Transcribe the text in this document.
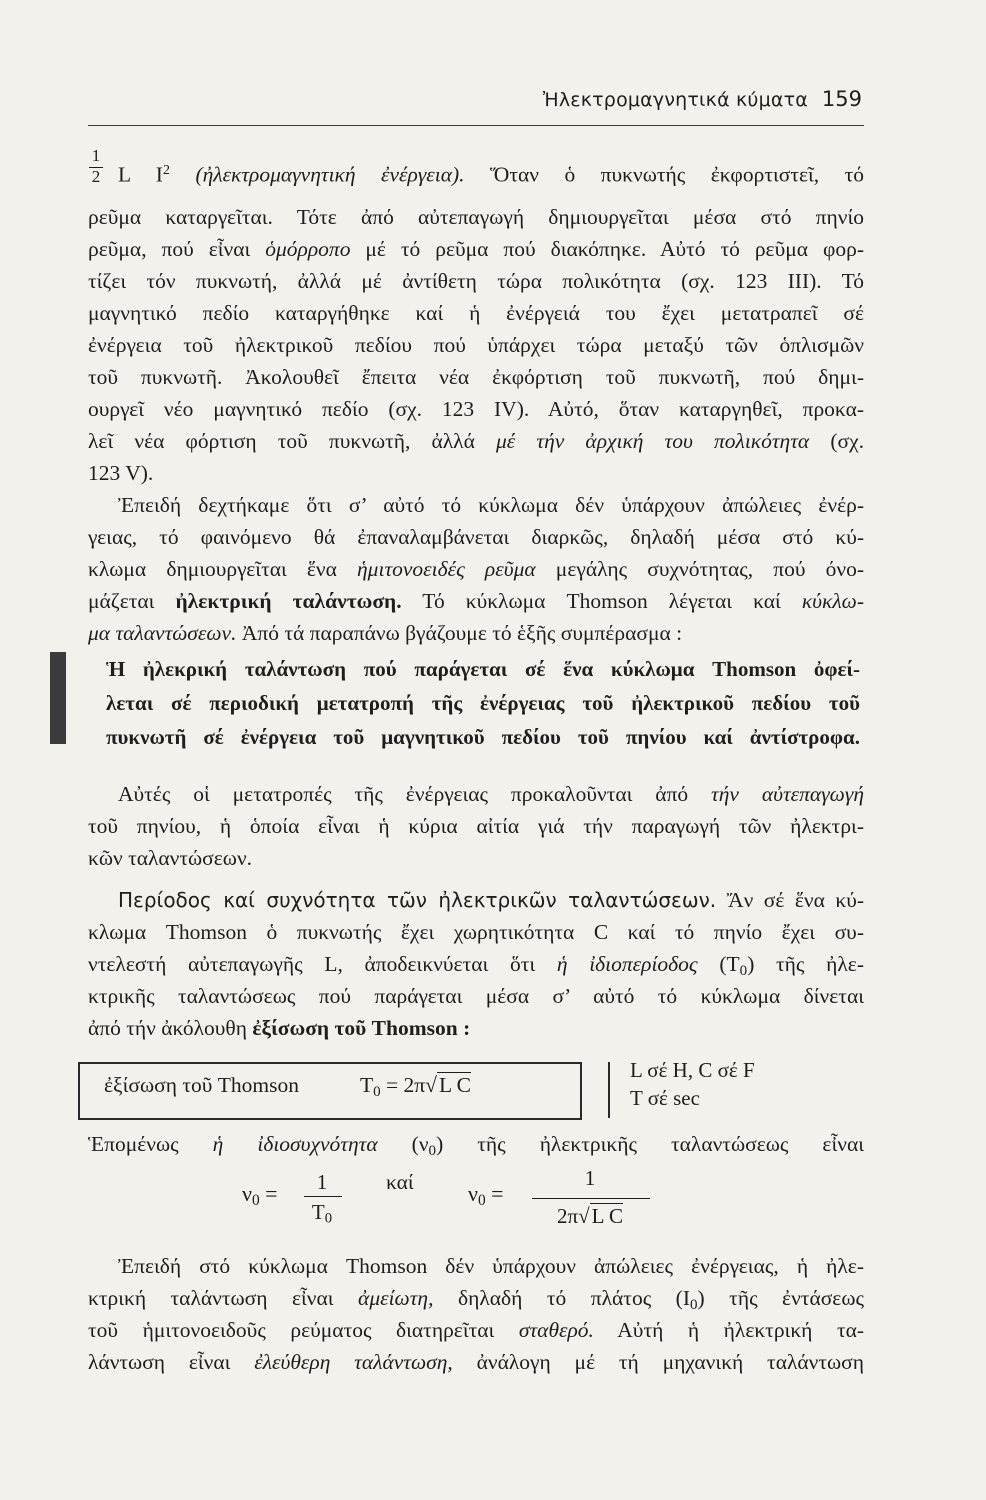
Ἠλεκτρομαγνητικά κύματα 159
1
2 L $I^2$ (ἠλεκτρομαγνητική ἐνέργεια). Ὅταν ὁ πυκνωτής ἐκφορτιστεῖ, τό
ρεῦμα καταργεῖται. Τότε ἀπό αὐτεπαγωγή δημιουργεῖται μέσα στό πηνίο
ρεῦμα, πού εἶναι ὁμόρροπο μέ τό ρεῦμα πού διακόπηκε. Αὐτό τό ρεῦμα φορ-
τίζει τόν πυκνωτή, ἀλλά μέ ἀντίθετη τώρα πολικότητα (σχ. 123 III). Τό
μαγνητικό πεδίο καταργήθηκε καί ἡ ἐνέργειά του ἔχει μετατραπεῖ σέ
ἐνέργεια τοῦ ἠλεκτρικοῦ πεδίου πού ὑπάρχει τώρα μεταξύ τῶν ὁπλισμῶν
τοῦ πυκνωτῆ. Ἀκολουθεῖ ἔπειτα νέα ἐκφόρτιση τοῦ πυκνωτῆ, πού δημι-
ουργεῖ νέο μαγνητικό πεδίο (σχ. 123 IV). Αὐτό, ὅταν καταργηθεῖ, προκα-
λεῖ νέα φόρτιση τοῦ πυκνωτῆ, ἀλλά μέ τήν ἀρχική του πολικότητα (σχ.
123 V).
Ἐπειδή δεχτήκαμε ὅτι σ’ αὐτό τό κύκλωμα δέν ὑπάρχουν ἀπώλειες ἐνέρ-
γειας, τό φαινόμενο θά ἐπαναλαμβάνεται διαρκῶς, δηλαδή μέσα στό κύ-
κλωμα δημιουργεῖται ἕνα ἡμιτονοειδές ρεῦμα μεγάλης συχνότητας, πού όνο-
μάζεται ἠλεκτρική ταλάντωση. Τό κύκλωμα Thomson λέγεται καί κύκλω-
μα ταλαντώσεων. Ἀπό τά παραπάνω βγάζουμε τό ἑξῆς συμπέρασμα :
Ἡ ἠλεκρική ταλάντωση πού παράγεται σέ ἕνα κύκλωμα Thomson ὀφεί-
λεται σέ περιοδική μετατροπή τῆς ἐνέργειας τοῦ ἠλεκτρικοῦ πεδίου τοῦ
πυκνωτῆ σέ ἐνέργεια τοῦ μαγνητικοῦ πεδίου τοῦ πηνίου καί ἀντίστροφα.
Αὐτές οἱ μετατροπές τῆς ἐνέργειας προκαλοῦνται ἀπό τήν αὐτεπαγωγή
τοῦ πηνίου, ἡ ὁποία εἶναι ἡ κύρια αἰτία γιά τήν παραγωγή τῶν ἠλεκτρι-
κῶν ταλαντώσεων.
Περίοδος καί συχνότητα τῶν ἠλεκτρικῶν ταλαντώσεων. Ἄν σέ ἕνα κύ-
κλωμα Thomson ὁ πυκνωτής ἔχει χωρητικότητα C καί τό πηνίο ἔχει συ-
ντελεστή αὐτεπαγωγῆς L, ἀποδεικνύεται ὅτι ἡ ἰδιοπερίοδος $(T_0)$ τῆς ἠλε-
κτρικῆς ταλαντώσεως πού παράγεται μέσα σ’ αὐτό τό κύκλωμα δίνεται
ἀπό τήν ἀκόλουθη ἐξίσωση τοῦ Thomson :
ἐξίσωση τοῦ Thomson	$T_0 = 2\pi√L$ C
L σέ H, C σέ F
T σέ sec
Ἑπομένως ἡ ἰδιοσυχνότητα $(\nu_0)$ τῆς ἠλεκτρικῆς ταλαντώσεως εἶναι
$\nu_0$ =	1
$T_0$
καί $\nu_0$ =
1
2π√L C
Ἐπειδή στό κύκλωμα Thomson δέν ὑπάρχουν ἀπώλειες ἐνέργειας, ἡ ἠλε-
κτρική ταλάντωση εἶναι ἀμείωτη, δηλαδή τό πλάτος $(I_0)$ τῆς ἐντάσεως
τοῦ ἡμιτονοειδοῦς ρεύματος διατηρεῖται σταθερό. Αὐτή ἡ ἠλεκτρική τα-
λάντωση εἶναι ἐλεύθερη ταλάντωση, ἀνάλογη μέ τή μηχανική ταλάντωση
